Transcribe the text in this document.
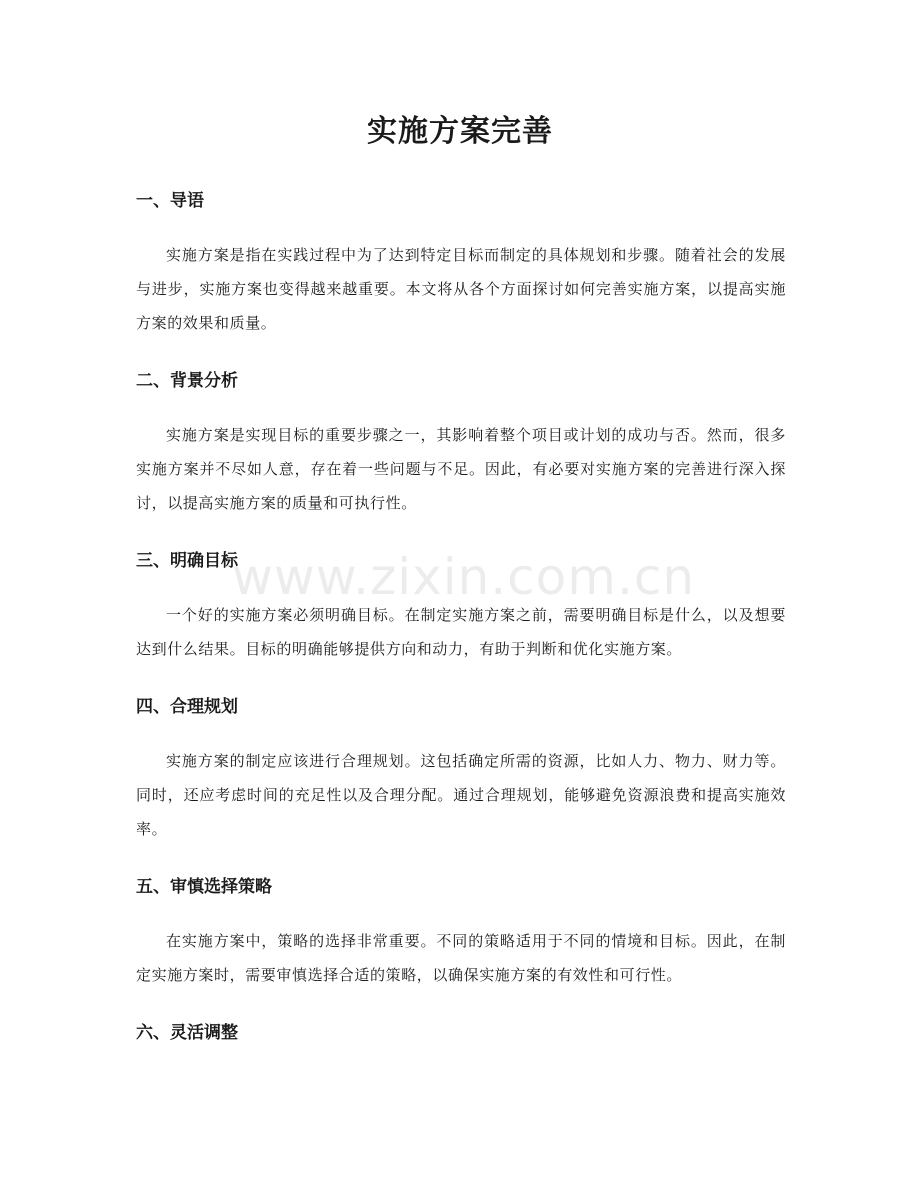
实施方案完善
www.zixin.com.cn
一、导语

实施方案是指在实践过程中为了达到特定目标而制定的具体规划和步骤。随着社会的发展与进步，实施方案也变得越来越重要。本文将从各个方面探讨如何完善实施方案，以提高实施方案的效果和质量。

二、背景分析

实施方案是实现目标的重要步骤之一，其影响着整个项目或计划的成功与否。然而，很多实施方案并不尽如人意，存在着一些问题与不足。因此，有必要对实施方案的完善进行深入探讨，以提高实施方案的质量和可执行性。

三、明确目标

一个好的实施方案必须明确目标。在制定实施方案之前，需要明确目标是什么，以及想要达到什么结果。目标的明确能够提供方向和动力，有助于判断和优化实施方案。

四、合理规划

实施方案的制定应该进行合理规划。这包括确定所需的资源，比如人力、物力、财力等。同时，还应考虑时间的充足性以及合理分配。通过合理规划，能够避免资源浪费和提高实施效率。

五、审慎选择策略

在实施方案中，策略的选择非常重要。不同的策略适用于不同的情境和目标。因此，在制定实施方案时，需要审慎选择合适的策略，以确保实施方案的有效性和可行性。

六、灵活调整
